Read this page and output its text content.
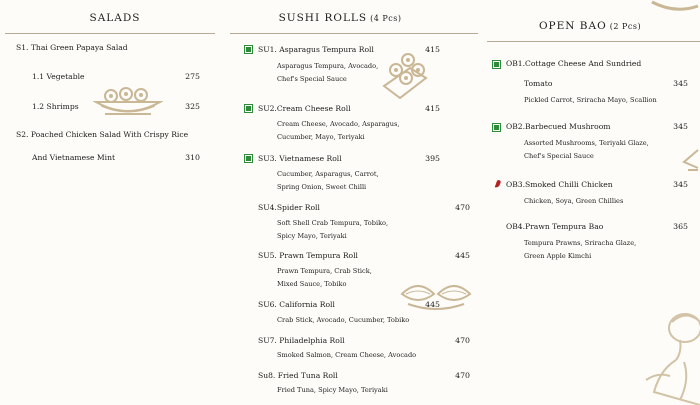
SALADS
S1. Thai Green Papaya Salad
1.1 Vegetable	275
1.2 Shrimps	325
S2. Poached Chicken Salad With Crispy Rice
And Vietnamese Mint	310
SUSHI ROLLS (4 Pcs)
SU1. Asparagus Tempura Roll	415
Asparagus Tempura, Avocado,
Chef's Special Sauce
SU2.Cream Cheese Roll	415
Cream Cheese, Avocado, Asparagus,
Cucumber, Mayo, Teriyaki
SU3. Vietnamese Roll	395
Cucumber, Asparagus, Carrot,
Spring Onion, Sweet Chilli
SU4.Spider Roll	470
Soft Shell Crab Tempura, Tobiko,
Spicy Mayo, Teriyaki
SU5. Prawn Tempura Roll	445
Prawn Tempura, Crab Stick,
Mixed Sauce, Tobiko
SU6. California Roll	445
Crab Stick, Avocado, Cucumber, Tobiko
SU7. Philadelphia Roll	470
Smoked Salmon, Cream Cheese, Avocado
Su8. Fried Tuna Roll	470
Fried Tuna, Spicy Mayo, Teriyaki
OPEN BAO (2 Pcs)
OB1.Cottage Cheese And Sundried
Tomato	345
Pickled Carrot, Sriracha Mayo, Scallion
OB2.Barbecued Mushroom	345
Assorted Mushrooms, Teriyaki Glaze,
Chef's Special Sauce
OB3.Smoked Chilli Chicken	345
Chicken, Soya, Green Chillies
OB4.Prawn Tempura Bao	365
Tempura Prawns, Sriracha Glaze,
Green Apple Kimchi
